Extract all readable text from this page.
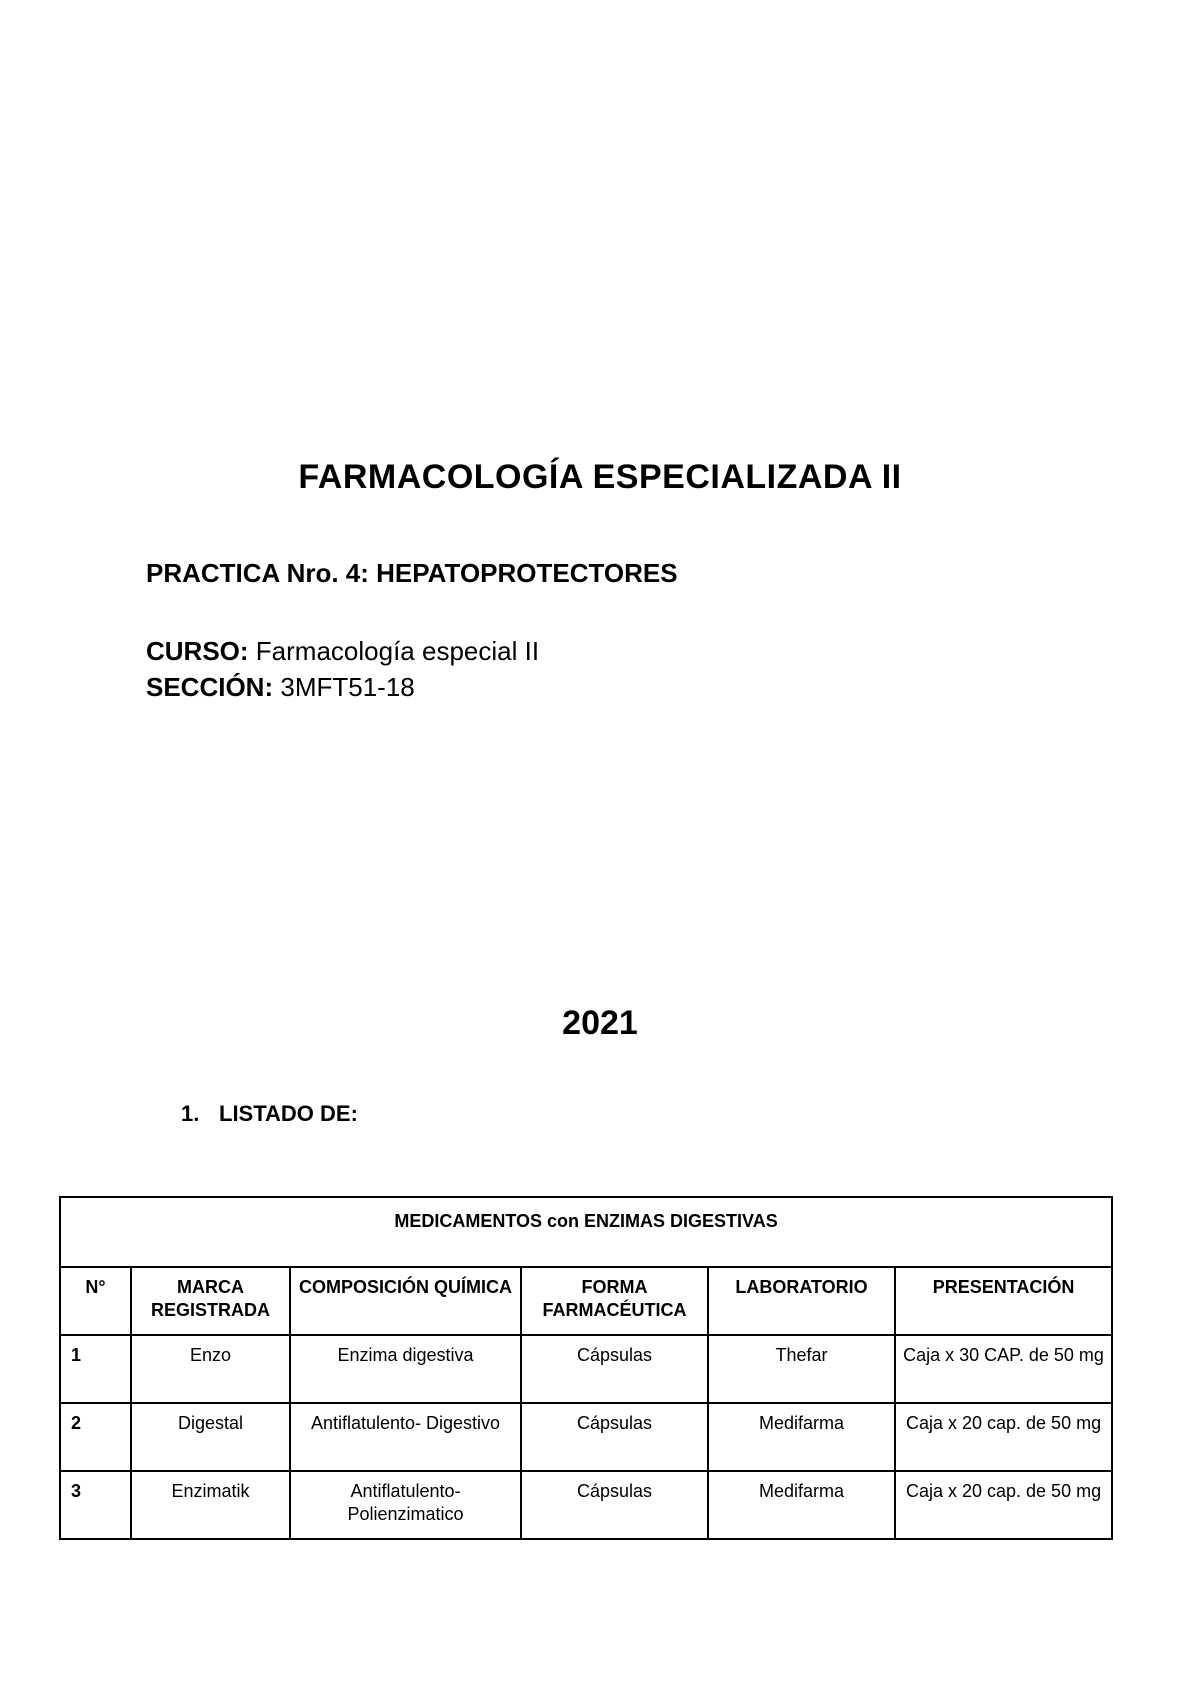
FARMACOLOGÍA ESPECIALIZADA II

PRACTICA Nro. 4: HEPATOPROTECTORES

CURSO: Farmacología especial II

SECCIÓN: 3MFT51-18

2021

1. LISTADO DE:

MEDICAMENTOS con ENZIMAS DIGESTIVAS					
N°	MARCA REGISTRADA	COMPOSICIÓN QUÍMICA	FORMA FARMACÉUTICA	LABORATORIO	PRESENTACIÓN
1	Enzo	Enzima digestiva	Cápsulas	Thefar	Caja x 30 CAP. de 50 mg
2	Digestal	Antiflatulento- Digestivo	Cápsulas	Medifarma	Caja x 20 cap. de 50 mg
3	Enzimatik	Antiflatulento- Polienzimatico	Cápsulas	Medifarma	Caja x 20 cap. de 50 mg
